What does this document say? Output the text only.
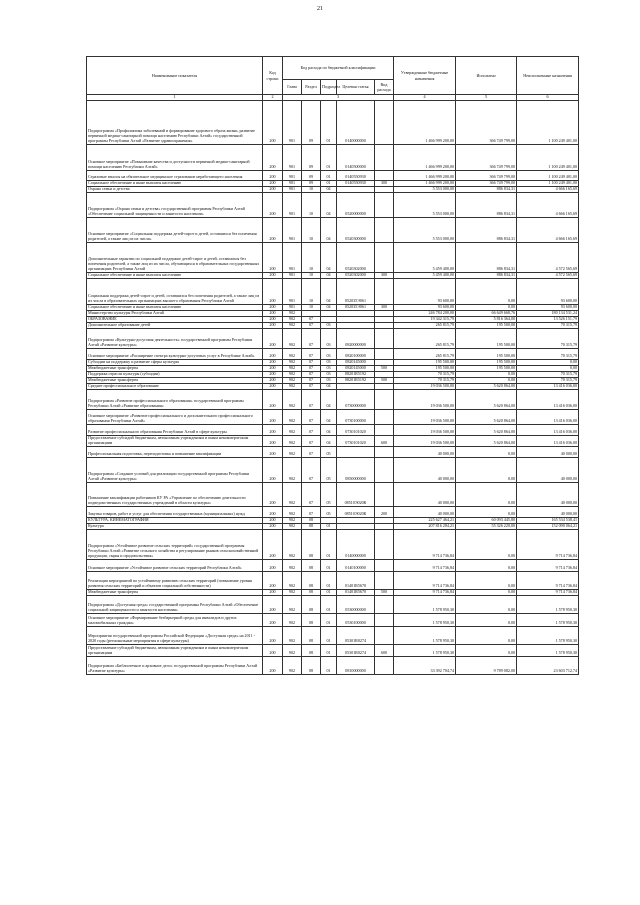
21
Наименование показателя	Код строки	Код расхода по бюджетной классификации					Утвержденные бюджетные назначения	Исполнено	Неисполненные назначения
		Глава	Раздел	Подраздел	Целевая статья	Вид расхода			
1	2	3					4	5	6
Подпрограмма «Профилактика заболеваний и формирование здорового образа жизни, развитие первичной медико-санитарной помощи населению Республики Алтай» государственной программы Республики Алтай «Развитие здравоохранения»	200	901	09	01	0140000000		1 466 999 200,00	366 749 799,00	1 100 249 401,00
Основное мероприятие «Повышение качества и доступности первичной медико-санитарной помощи населению Республики Алтай»	200	901	09	01	0140500000		1 466 999 200,00	366 749 799,00	1 100 249 401,00
Страховые взносы на обязательное медицинское страхование неработающего населения	200	901	09	01	0140550930		1 466 999 200,00	366 749 799,00	1 100 249 401,00
Социальное обеспечение и иные выплаты населению	200	901	09	01	0140550930	300	1 466 999 200,00	366 749 799,00	1 100 249 401,00
Охрана семьи и детства	200	901	10	04			5 553 000,00	886 834,31	4 666 165,69
Подпрограмма «Охрана семьи и детства» государственной программы Республики Алтай «Обеспечение социальной защищенности и занятости населения»	200	901	10	04	0520000000		5 553 000,00	886 834,31	4 666 165,69
Основное мероприятие «Социальная поддержка детей-сирот и детей, оставшихся без попечения родителей, а также лиц из их числа»	200	901	10	04	0520300000		5 553 000,00	886 834,31	4 666 165,69
Дополнительные гарантии по социальной поддержке детей-сирот и детей, оставшихся без попечения родителей, а также лиц из их числа, обучающихся в образовательных государственных организациях Республики Алтай	200	901	10	04	0520302000		5 459 400,00	886 834,31	4 572 565,69
Социальное обеспечение и иные выплаты населению	200	901	10	04	0520302000	300	5 459 400,00	886 834,31	4 572 565,69
Социальная поддержка детей-сирот и детей, оставшихся без попечения родителей, а также лиц из их числа в образовательных организациях высшего образования Республики Алтай	200	901	10	04	052035Э061		93 600,00	0,00	93 600,00
Социальное обеспечение и иные выплаты населению	200	901	10	04	052035Э061	300	93 600,00	0,00	93 600,00
Министерство культуры Республики Алтай	200	902					246 784 200,00	66 649 668,76	180 134 531,24
ОБРАЗОВАНИЕ	200	902	07				19 342 315,79	5 816 364,00	13 526 151,79
Дополнительное образование детей	200	902	07	03			265 815,79	195 500,00	70 315,79
Подпрограмма «Культурно-досуговая деятельность» государственной программы Республики Алтай «Развитие культуры»	200	902	07	03	0820000000		265 815,79	195 500,00	70 315,79
Основное мероприятие «Расширение спектра культурно-досуговых услуг в Республике Алтай»	200	902	07	03	0820100000		265 815,79	195 500,00	70 315,79
Субсидии на поддержку и развитие сферы культуры	200	902	07	03	0820145000		195 500,00	195 500,00	0,00
Межбюджетные трансферты	200	902	07	03	0820145000	500	195 500,00	195 500,00	0,00
Поддержка отрасли культуры (субсидии)	200	902	07	03	08201R5192		70 315,79	0,00	70 315,79
Межбюджетные трансферты	200	902	07	03	08201R5192	500	70 315,79	0,00	70 315,79
Среднее профессиональное образование	200	902	07	04			19 036 500,00	5 620 864,00	13 416 036,00
Подпрограмма «Развитие профессионального образования» государственной программы Республики Алтай «Развитие образования»	200	902	07	04	0730000000		19 036 500,00	5 620 864,00	13 416 036,00
Основное мероприятие «Развитие профессионального и дополнительного профессионального образования Республики Алтай»	200	902	07	04	0730100000		19 036 500,00	5 620 864,00	13 416 036,00
Развитие профессионального образования Республики Алтай в сфере культуры	200	902	07	04	0730101020		19 036 500,00	5 620 864,00	13 416 036,00
Предоставление субсидий бюджетным, автономным учреждениям и иным некоммерческим организациям	200	902	07	04	0730101020	600	19 036 500,00	5 620 864,00	13 416 036,00
Профессиональная подготовка, переподготовка и повышение квалификации	200	902	07	05			40 000,00	0,00	40 000,00
Подпрограмма «Создание условий для реализации государственной программы Республики Алтай «Развитие культуры»	200	902	07	05	0850000000		40 000,00	0,00	40 000,00
Повышение квалификации работников КУ РА «Управление по обеспечению деятельности подведомственных государственных учреждений в области культуры»	200	902	07	05	08510Э020К		40 000,00	0,00	40 000,00
Закупка товаров, работ и услуг для обеспечения государственных (муниципальных) нужд	200	902	07	05	08510Э020К	200	40 000,00	0,00	40 000,00
КУЛЬТУРА, КИНЕМАТОГРАФИЯ	200	902	08				225 627 464,21	60 093 445,80	165 534 538,41
Культура	200	902	08	01			207 816 284,21	55 326 220,00	152 090 064,21
Подпрограмма «Устойчивое развитие сельских территорий» государственной программы Республики Алтай «Развитие сельского хозяйства и регулирование рынков сельскохозяйственной продукции, сырья и продовольствия»	200	902	08	01	0140000000		9 714 736,84	0,00	9 714 736,84
Основное мероприятие «Устойчивое развитие сельских территорий Республики Алтай»	200	902	08	01	0140100000		9 714 736,84	0,00	9 714 736,84
Реализация мероприятий по устойчивому развитию сельских территорий (повышение уровня развития сельских территорий и объектов социальной собственности)	200	902	08	01	01401R5670		9 714 736,84	0,00	9 714 736,84
Межбюджетные трансферты	200	902	08	01	01401R5670	500	9 714 736,84	0,00	9 714 736,84
Подпрограмма «Доступная среда» государственной программы Республики Алтай «Обеспечение социальной защищенности и занятости населения»	200	902	08	01	0530000000		1 578 950,30	0,00	1 578 950,30
Основное мероприятие «Формирование безбарьерной среды для инвалидов и других маломобильных граждан»	200	902	08	01	0530100000		1 578 950,30	0,00	1 578 950,30
Мероприятия государственной программы Российской Федерации «Доступная среда» на 2011 - 2020 годы (региональные мероприятия в сфере культуры)	200	902	08	01	05301R0274		1 578 950,30	0,00	1 578 950,30
Предоставление субсидий бюджетным, автономным учреждениям и иным некоммерческим организациям	200	902	08	01	05301R0274	600	1 578 950,30	0,00	1 578 950,30
Подпрограмма «Библиотечное и архивное дело» государственной программы Республики Алтай «Развитие культуры»	200	902	08	01	0810000000		33 392 704,74	9 789 082,00	23 603 712,74
